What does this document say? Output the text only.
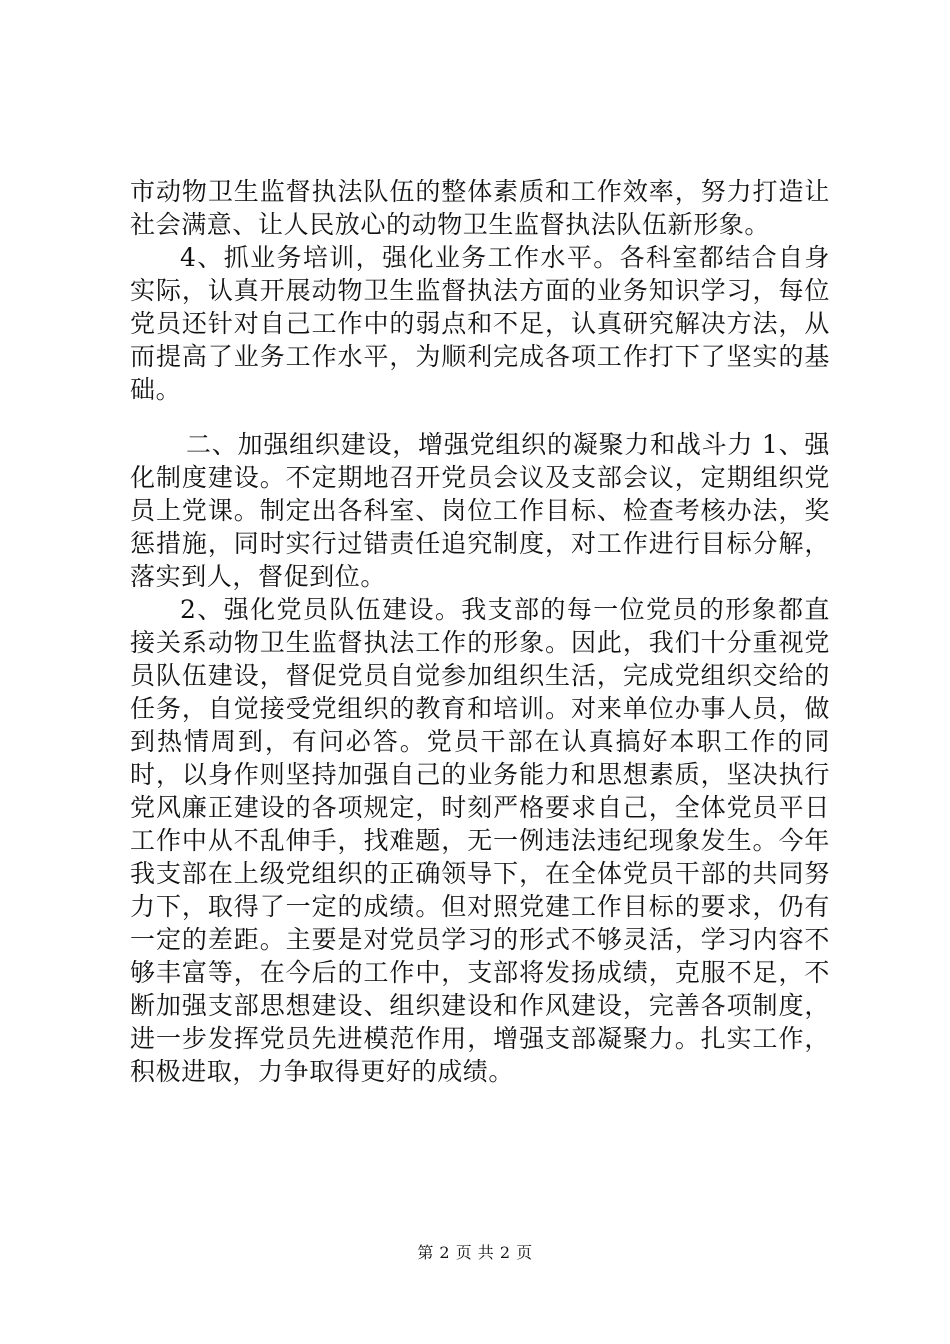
市动物卫生监督执法队伍的整体素质和工作效率，努力打造让社会满意、让人民放心的动物卫生监督执法队伍新形象。

4、抓业务培训，强化业务工作水平。各科室都结合自身实际，认真开展动物卫生监督执法方面的业务知识学习，每位党员还针对自己工作中的弱点和不足，认真研究解决方法，从而提高了业务工作水平，为顺利完成各项工作打下了坚实的基础。

二、加强组织建设，增强党组织的凝聚力和战斗力 1、强化制度建设。不定期地召开党员会议及支部会议，定期组织党员上党课。制定出各科室、岗位工作目标、检查考核办法，奖惩措施，同时实行过错责任追究制度，对工作进行目标分解，落实到人，督促到位。

2、强化党员队伍建设。我支部的每一位党员的形象都直接关系动物卫生监督执法工作的形象。因此，我们十分重视党员队伍建设，督促党员自觉参加组织生活，完成党组织交给的任务，自觉接受党组织的教育和培训。对来单位办事人员，做到热情周到，有问必答。党员干部在认真搞好本职工作的同时，以身作则坚持加强自己的业务能力和思想素质，坚决执行党风廉正建设的各项规定，时刻严格要求自己，全体党员平日工作中从不乱伸手，找难题，无一例违法违纪现象发生。今年我支部在上级党组织的正确领导下，在全体党员干部的共同努力下，取得了一定的成绩。但对照党建工作目标的要求，仍有一定的差距。主要是对党员学习的形式不够灵活，学习内容不够丰富等，在今后的工作中，支部将发扬成绩，克服不足，不断加强支部思想建设、组织建设和作风建设，完善各项制度，进一步发挥党员先进模范作用，增强支部凝聚力。扎实工作，积极进取，力争取得更好的成绩。

第 2 页 共 2 页
